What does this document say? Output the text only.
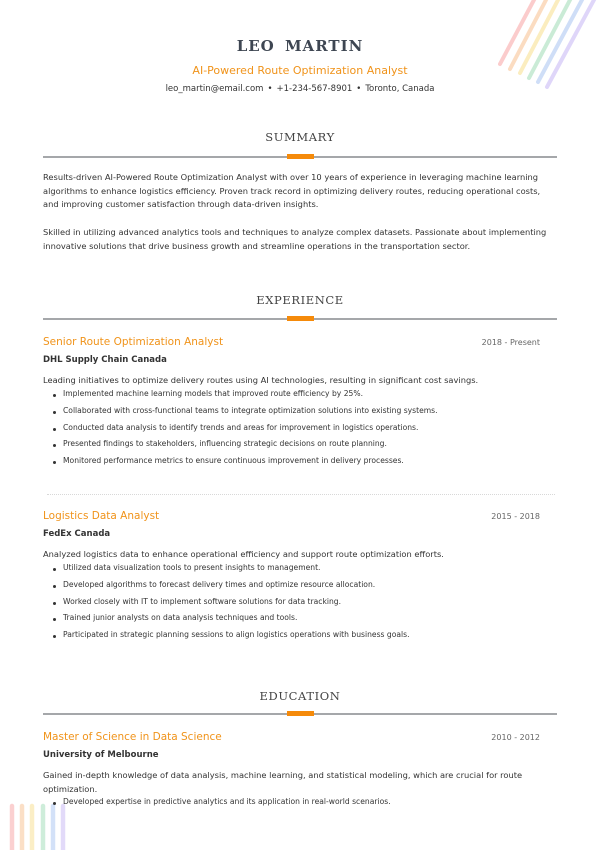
LEO MARTIN
AI-Powered Route Optimization Analyst
leo_martin@email.com • +1-234-567-8901 • Toronto, Canada
SUMMARY
Results-driven AI-Powered Route Optimization Analyst with over 10 years of experience in leveraging machine learning algorithms to enhance logistics efficiency. Proven track record in optimizing delivery routes, reducing operational costs, and improving customer satisfaction through data-driven insights.
Skilled in utilizing advanced analytics tools and techniques to analyze complex datasets. Passionate about implementing innovative solutions that drive business growth and streamline operations in the transportation sector.
EXPERIENCE
Senior Route Optimization Analyst	2018 - Present
DHL Supply Chain Canada
Leading initiatives to optimize delivery routes using AI technologies, resulting in significant cost savings.
Implemented machine learning models that improved route efficiency by 25%.
Collaborated with cross-functional teams to integrate optimization solutions into existing systems.
Conducted data analysis to identify trends and areas for improvement in logistics operations.
Presented findings to stakeholders, influencing strategic decisions on route planning.
Monitored performance metrics to ensure continuous improvement in delivery processes.
Logistics Data Analyst	2015 - 2018
FedEx Canada
Analyzed logistics data to enhance operational efficiency and support route optimization efforts.
Utilized data visualization tools to present insights to management.
Developed algorithms to forecast delivery times and optimize resource allocation.
Worked closely with IT to implement software solutions for data tracking.
Trained junior analysts on data analysis techniques and tools.
Participated in strategic planning sessions to align logistics operations with business goals.
EDUCATION
Master of Science in Data Science	2010 - 2012
University of Melbourne
Gained in-depth knowledge of data analysis, machine learning, and statistical modeling, which are crucial for route optimization.
Developed expertise in predictive analytics and its application in real-world scenarios.
